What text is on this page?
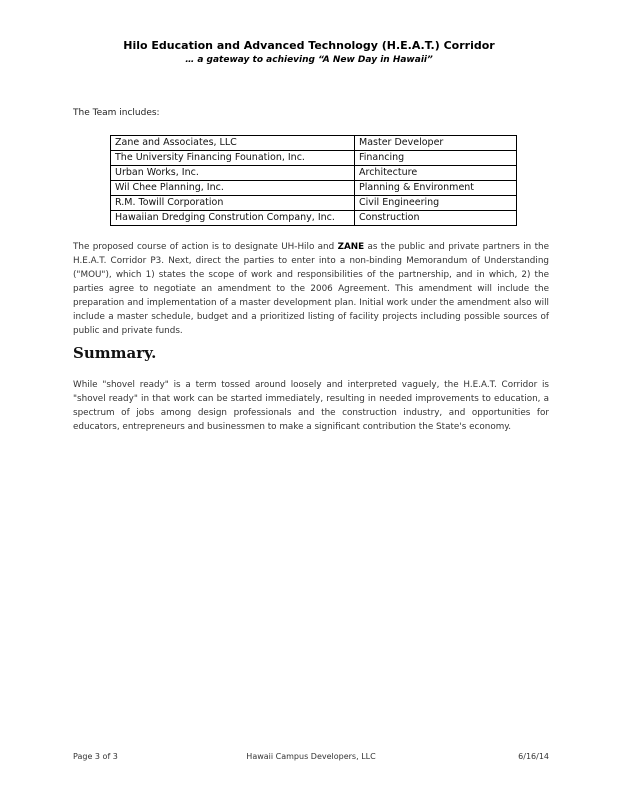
Hilo Education and Advanced Technology (H.E.A.T.) Corridor
… a gateway to achieving “A New Day in Hawaii”
The Team includes:
Zane and Associates, LLC	Master Developer
The University Financing Founation, Inc.	Financing
Urban Works, Inc.	Architecture
Wil Chee Planning, Inc.	Planning & Environment
R.M. Towill Corporation	Civil Engineering
Hawaiian Dredging Constrution Company, Inc.	Construction
The proposed course of action is to designate UH-Hilo and ZANE as the public and private partners in the H.E.A.T. Corridor P3. Next, direct the parties to enter into a non-binding Memorandum of Understanding ("MOU"), which 1) states the scope of work and responsibilities of the partnership, and in which, 2) the parties agree to negotiate an amendment to the 2006 Agreement. This amendment will include the preparation and implementation of a master development plan. Initial work under the amendment also will include a master schedule, budget and a prioritized listing of facility projects including possible sources of public and private funds.
Summary.
While "shovel ready" is a term tossed around loosely and interpreted vaguely, the H.E.A.T. Corridor is "shovel ready" in that work can be started immediately, resulting in needed improvements to education, a spectrum of jobs among design professionals and the construction industry, and opportunities for educators, entrepreneurs and businessmen to make a significant contribution the State's economy.
Page 3 of 3	Hawaii Campus Developers, LLC	6/16/14
